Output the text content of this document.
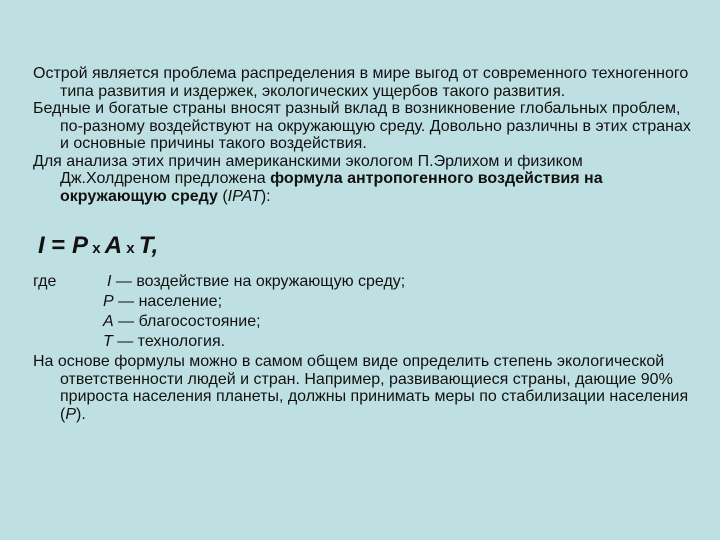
Острой является проблема распределения в мире выгод от современного техногенного типа развития и издержек, экологических ущербов такого развития.

Бедные и богатые страны вносят разный вклад в возникновение глобальных проблем, по-разному воздействуют на окружающую среду. Довольно различны в этих странах и основные причины такого воздействия.

Для анализа этих причин американскими экологом П.Эрлихом и физиком Дж.Холдреном предложена формула антропогенного воздействия на окружающую среду (IPAT):

I = P x A x T,
где	I — воздействие на окружающую среду;
P — население;
A — благосостояние;
T — технология.

На основе формулы можно в самом общем виде определить степень экологической ответственности людей и стран. Например, развивающиеся страны, дающие 90% прироста населения планеты, должны принимать меры по стабилизации населения (P).
